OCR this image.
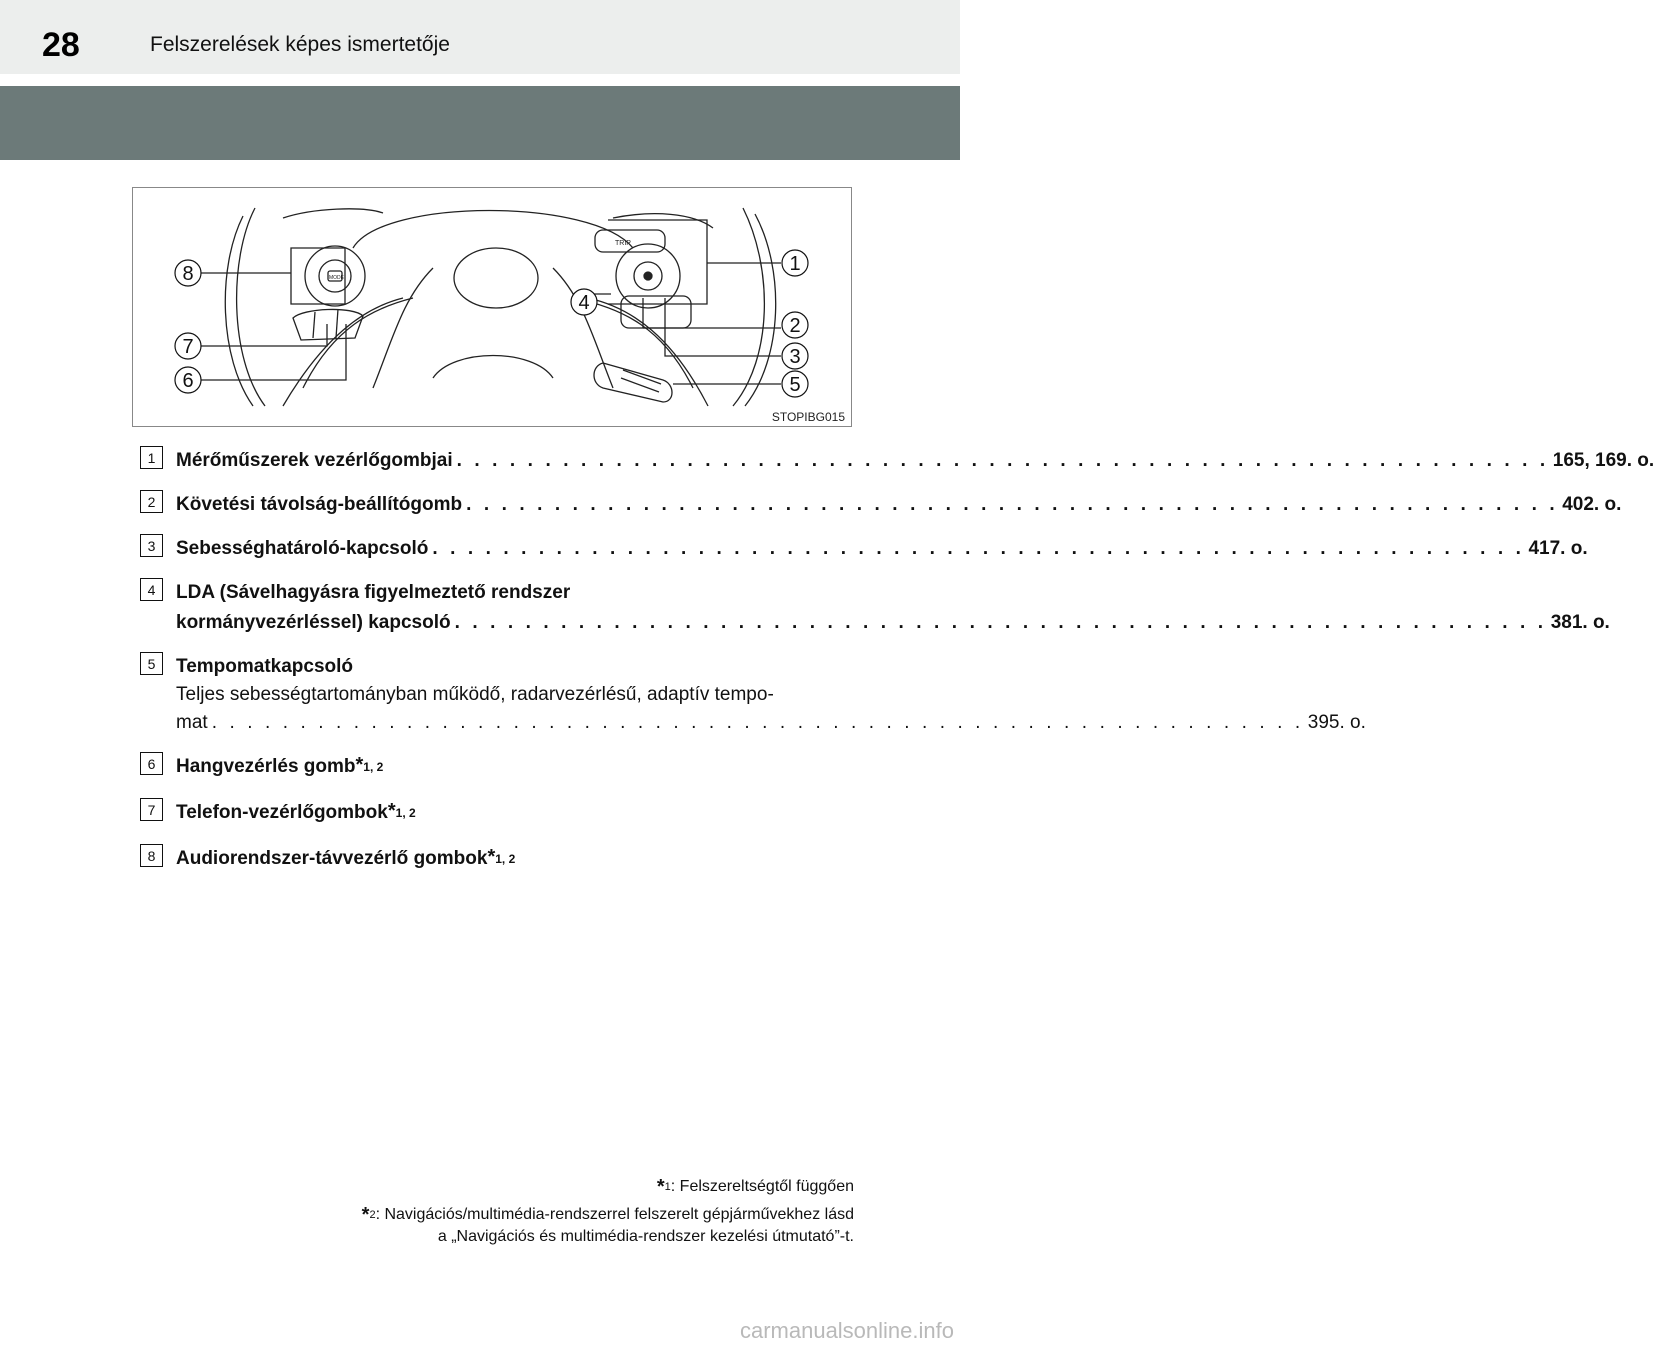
28	Felszerelések képes ismertetője
TRIP
MODE
8
7
6
4
1
2
3
5
STOPIBG015
1	Mérőműszerek vezérlőgombjai . . . . . . . . . . . . . . . . . . . . . . . . . . . . . . . . . . . . . . . . . . . . . . . . . . . . . . . . . . . . . . 165, 169. o.
2	Követési távolság-beállítógomb . . . . . . . . . . . . . . . . . . . . . . . . . . . . . . . . . . . . . . . . . . . . . . . . . . . . . . . . . . . . . . 402. o.
3	Sebességhatároló-kapcsoló . . . . . . . . . . . . . . . . . . . . . . . . . . . . . . . . . . . . . . . . . . . . . . . . . . . . . . . . . . . . . . 417. o.
4	LDA (Sávelhagyásra figyelmeztető rendszer
kormányvezérléssel) kapcsoló . . . . . . . . . . . . . . . . . . . . . . . . . . . . . . . . . . . . . . . . . . . . . . . . . . . . . . . . . . . . . . 381. o.
5	Tempomatkapcsoló
Teljes sebességtartományban működő, radarvezérlésű, adaptív tempo-
mat . . . . . . . . . . . . . . . . . . . . . . . . . . . . . . . . . . . . . . . . . . . . . . . . . . . . . . . . . . . . . . 395. o.
6	Hangvezérlés gomb$^{*1, 2}$
7	Telefon-vezérlőgombok$^{*1, 2}$
8	Audiorendszer-távvezérlő gombok$^{*1, 2}$
*$^1$: Felszereltségtől függően
*$^2$: Navigációs/multimédia-rendszerrel felszerelt gépjárművekhez lásd
a „Navigációs és multimédia-rendszer kezelési útmutató”-t.
carmanualsonline.info
